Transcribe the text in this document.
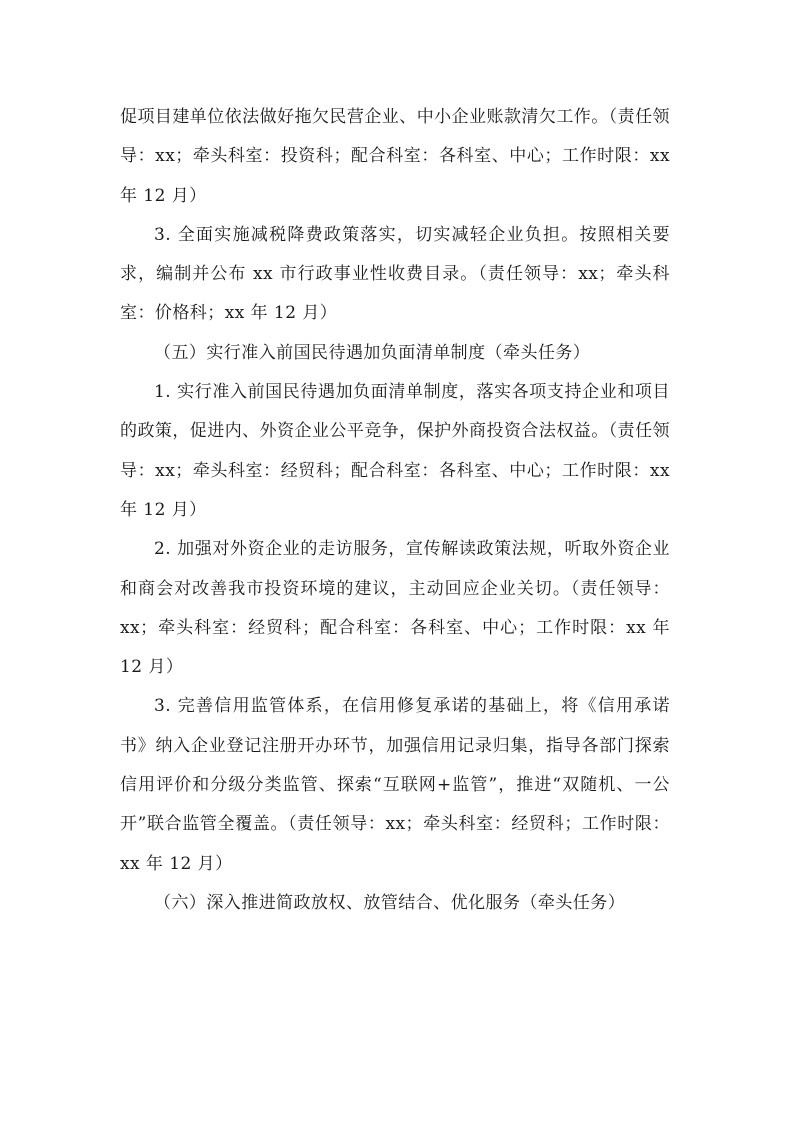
促项目建单位依法做好拖欠民营企业、中小企业账款清欠工作。（责任领导：xx；牵头科室：投资科；配合科室：各科室、中心；工作时限：xx 年 12 月）

3. 全面实施减税降费政策落实，切实减轻企业负担。按照相关要求，编制并公布 xx 市行政事业性收费目录。（责任领导：xx；牵头科室：价格科；xx 年 12 月）

（五）实行准入前国民待遇加负面清单制度（牵头任务）

1. 实行准入前国民待遇加负面清单制度，落实各项支持企业和项目的政策，促进内、外资企业公平竞争，保护外商投资合法权益。（责任领导：xx；牵头科室：经贸科；配合科室：各科室、中心；工作时限：xx 年 12 月）

2. 加强对外资企业的走访服务，宣传解读政策法规，听取外资企业和商会对改善我市投资环境的建议，主动回应企业关切。（责任领导：xx；牵头科室：经贸科；配合科室：各科室、中心；工作时限：xx 年 12 月）

3. 完善信用监管体系，在信用修复承诺的基础上，将《信用承诺书》纳入企业登记注册开办环节，加强信用记录归集，指导各部门探索信用评价和分级分类监管、探索“互联网+监管”，推进“双随机、一公开”联合监管全覆盖。（责任领导：xx；牵头科室：经贸科；工作时限：xx 年 12 月）

（六）深入推进简政放权、放管结合、优化服务（牵头任务）
